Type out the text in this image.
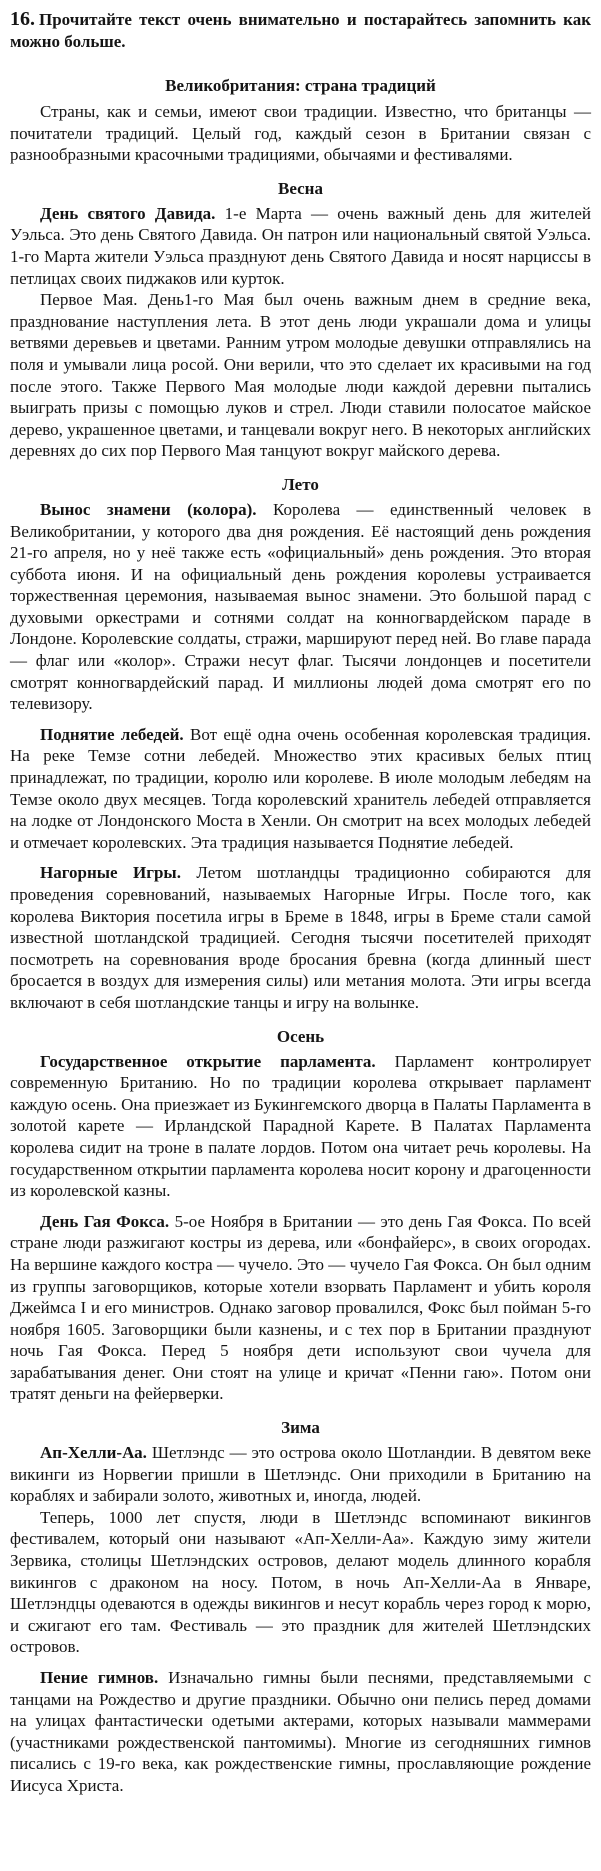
16. Прочитайте текст очень внимательно и постарайтесь запомнить как можно больше.

Великобритания: страна традиций

Страны, как и семьи, имеют свои традиции. Известно, что британцы — почитатели традиций. Целый год, каждый сезон в Британии связан с разнообразными красочными традициями, обычаями и фестивалями.

Весна

День святого Давида. 1-е Марта — очень важный день для жителей Уэльса. Это день Святого Давида. Он патрон или национальный святой Уэльса. 1-го Марта жители Уэльса празднуют день Святого Давида и носят нарциссы в петлицах своих пиджаков или курток.

Первое Мая. День1-го Мая был очень важным днем в средние века, празднование наступления лета. В этот день люди украшали дома и улицы ветвями деревьев и цветами. Ранним утром молодые девушки отправлялись на поля и умывали лица росой. Они верили, что это сделает их красивыми на год после этого. Также Первого Мая молодые люди каждой деревни пытались выиграть призы с помощью луков и стрел. Люди ставили полосатое майское дерево, украшенное цветами, и танцевали вокруг него. В некоторых английских деревнях до сих пор Первого Мая танцуют вокруг майского дерева.

Лето

Вынос знамени (колора). Королева — единственный человек в Великобритании, у которого два дня рождения. Её настоящий день рождения 21-го апреля, но у неё также есть «официальный» день рождения. Это вторая суббота июня. И на официальный день рождения королевы устраивается торжественная церемония, называемая вынос знамени. Это большой парад с духовыми оркестрами и сотнями солдат на конногвардейском параде в Лондоне. Королевские солдаты, стражи, маршируют перед ней. Во главе парада — флаг или «колор». Стражи несут флаг. Тысячи лондонцев и посетители смотрят конногвардейский парад. И миллионы людей дома смотрят его по телевизору.

Поднятие лебедей. Вот ещё одна очень особенная королевская традиция. На реке Темзе сотни лебедей. Множество этих красивых белых птиц принадлежат, по традиции, королю или королеве. В июле молодым лебедям на Темзе около двух месяцев. Тогда королевский хранитель лебедей отправляется на лодке от Лондонского Моста в Хенли. Он смотрит на всех молодых лебедей и отмечает королевских. Эта традиция называется Поднятие лебедей.

Нагорные Игры. Летом шотландцы традиционно собираются для проведения соревнований, называемых Нагорные Игры. После того, как королева Виктория посетила игры в Бреме в 1848, игры в Бреме стали самой известной шотландской традицией. Сегодня тысячи посетителей приходят посмотреть на соревнования вроде бросания бревна (когда длинный шест бросается в воздух для измерения силы) или метания молота. Эти игры всегда включают в себя шотландские танцы и игру на волынке.

Осень

Государственное открытие парламента. Парламент контролирует современную Британию. Но по традиции королева открывает парламент каждую осень. Она приезжает из Букингемского дворца в Палаты Парламента в золотой карете — Ирландской Парадной Карете. В Палатах Парламента королева сидит на троне в палате лордов. Потом она читает речь королевы. На государственном открытии парламента королева носит корону и драгоценности из королевской казны.

День Гая Фокса. 5-ое Ноября в Британии — это день Гая Фокса. По всей стране люди разжигают костры из дерева, или «бонфайерс», в своих огородах. На вершине каждого костра — чучело. Это — чучело Гая Фокса. Он был одним из группы заговорщиков, которые хотели взорвать Парламент и убить короля Джеймса I и его министров. Однако заговор провалился, Фокс был пойман 5-го ноября 1605. Заговорщики были казнены, и с тех пор в Британии празднуют ночь Гая Фокса. Перед 5 ноября дети используют свои чучела для зарабатывания денег. Они стоят на улице и кричат «Пенни гаю». Потом они тратят деньги на фейерверки.

Зима

Ап-Хелли-Аа. Шетлэндс — это острова около Шотландии. В девятом веке викинги из Норвегии пришли в Шетлэндс. Они приходили в Британию на кораблях и забирали золото, животных и, иногда, людей.

Теперь, 1000 лет спустя, люди в Шетлэндс вспоминают викингов фестивалем, который они называют «Ап-Хелли-Аа». Каждую зиму жители Зервика, столицы Шетлэндских островов, делают модель длинного корабля викингов с драконом на носу. Потом, в ночь Ап-Хелли-Аа в Январе, Шетлэндцы одеваются в одежды викингов и несут корабль через город к морю, и сжигают его там. Фестиваль — это праздник для жителей Шетлэндских островов.

Пение гимнов. Изначально гимны были песнями, представляемыми с танцами на Рождество и другие праздники. Обычно они пелись перед домами на улицах фантастически одетыми актерами, которых называли маммерами (участниками рождественской пантомимы). Многие из сегодняшних гимнов писались с 19-го века, как рождественские гимны, прославляющие рождение Иисуса Христа.
